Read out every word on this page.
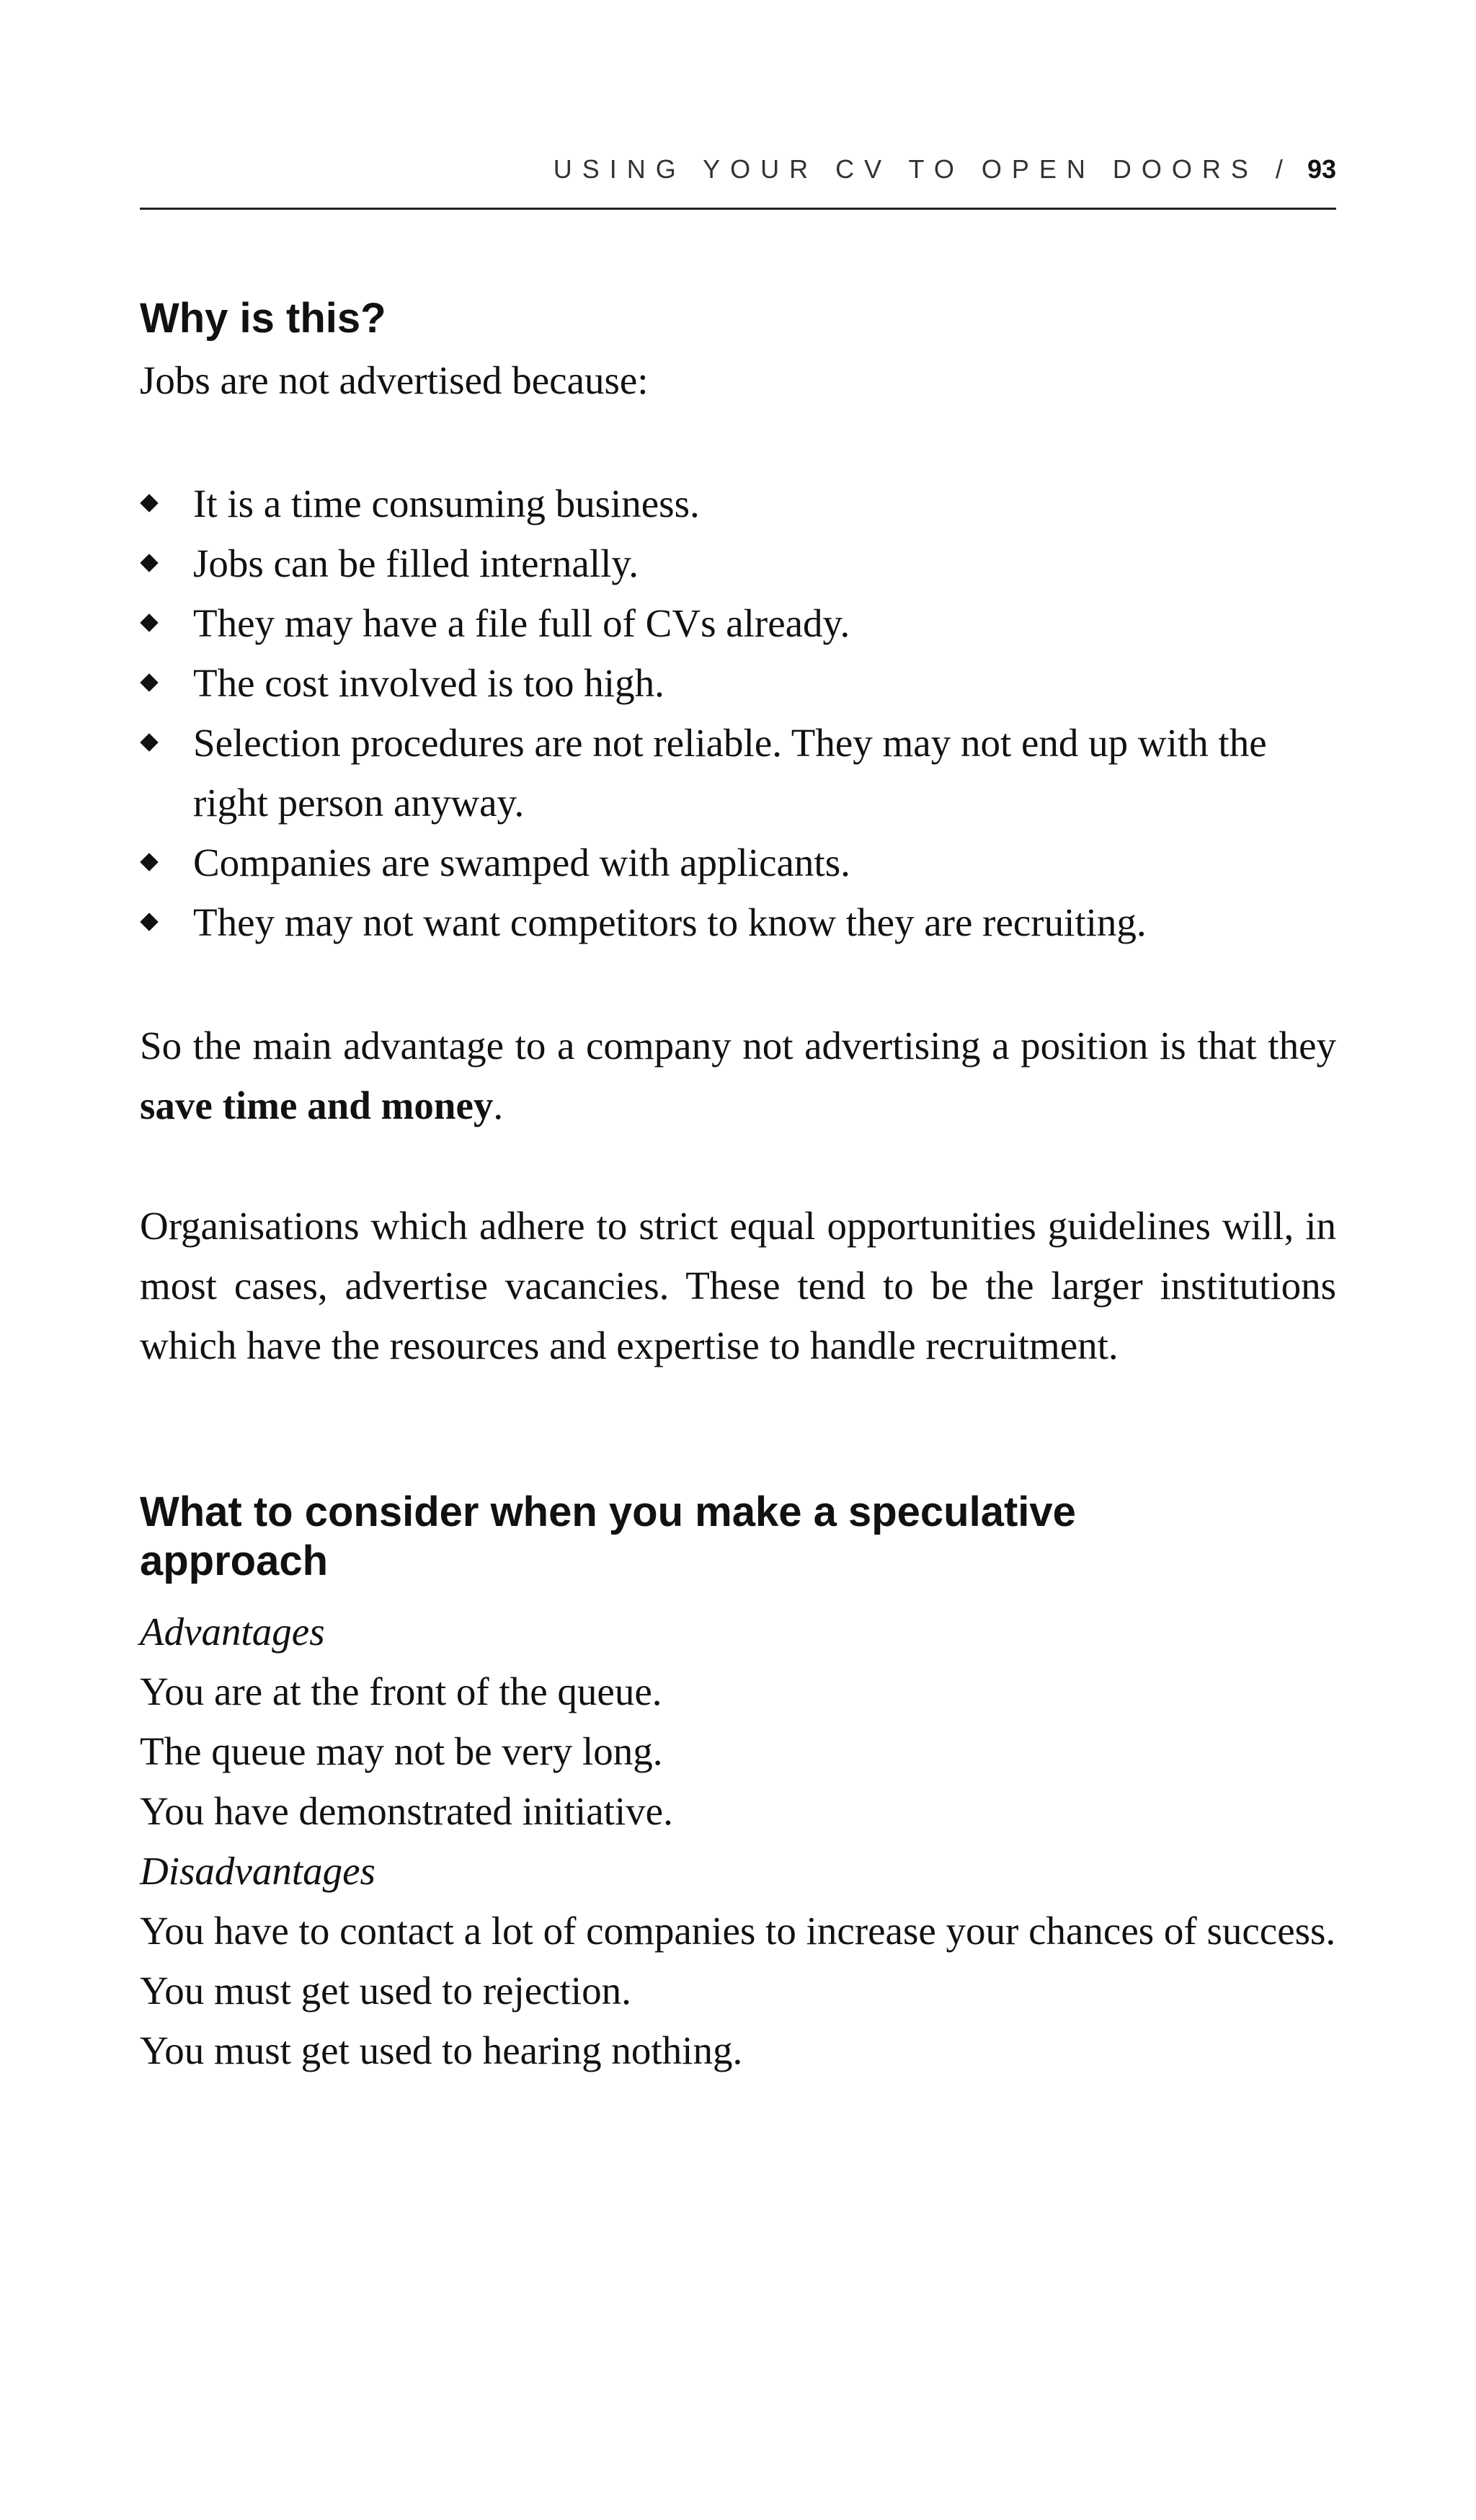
USING YOUR CV TO OPEN DOORS / 93
Why is this?

Jobs are not advertised because:

It is a time consuming business.
Jobs can be filled internally.
They may have a file full of CVs already.
The cost involved is too high.
Selection procedures are not reliable. They may not end up with the right person anyway.
Companies are swamped with applicants.
They may not want competitors to know they are recruiting.

So the main advantage to a company not advertising a position is that they save time and money.

Organisations which adhere to strict equal opportunities guidelines will, in most cases, advertise vacancies. These tend to be the larger institutions which have the resources and expertise to handle recruitment.

What to consider when you make a speculative
approach
Advantages
You are at the front of the queue.
The queue may not be very long.
You have demonstrated initiative.
Disadvantages
You have to contact a lot of companies to increase your chances of success.
You must get used to rejection.
You must get used to hearing nothing.
